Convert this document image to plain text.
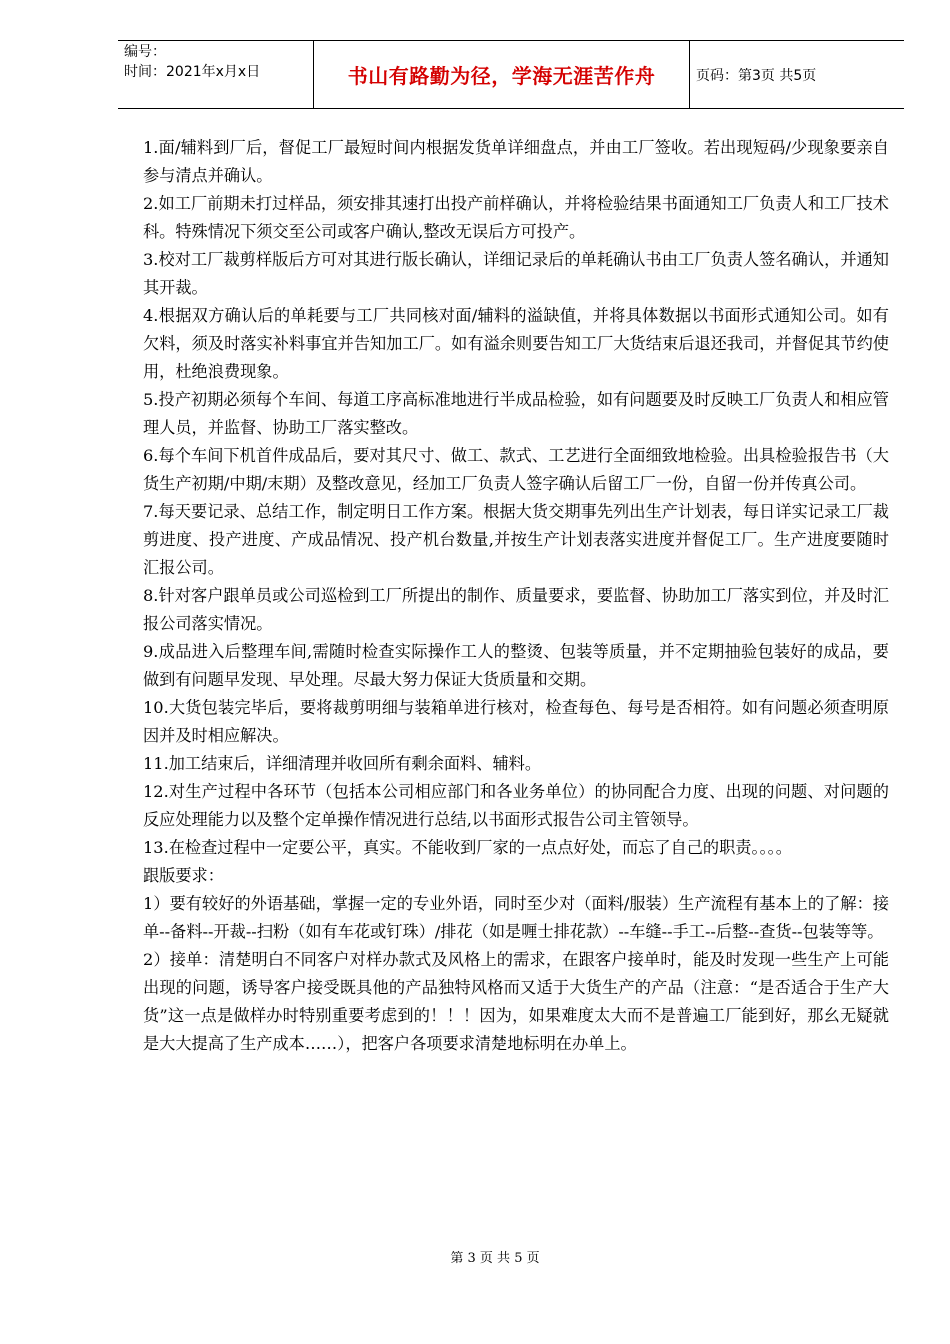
编号：
时间：2021年x月x日	书山有路勤为径，学海无涯苦作舟	页码：第3页 共5页

1.面/辅料到厂后，督促工厂最短时间内根据发货单详细盘点，并由工厂签收。若出现短码/少现象要亲自参与清点并确认。

2.如工厂前期未打过样品，须安排其速打出投产前样确认，并将检验结果书面通知工厂负责人和工厂技术科。特殊情况下须交至公司或客户确认,整改无误后方可投产。

3.校对工厂裁剪样版后方可对其进行版长确认，详细记录后的单耗确认书由工厂负责人签名确认，并通知其开裁。

4.根据双方确认后的单耗要与工厂共同核对面/辅料的溢缺值，并将具体数据以书面形式通知公司。如有欠料，须及时落实补料事宜并告知加工厂。如有溢余则要告知工厂大货结束后退还我司，并督促其节约使用，杜绝浪费现象。

5.投产初期必须每个车间、每道工序高标准地进行半成品检验，如有问题要及时反映工厂负责人和相应管理人员，并监督、协助工厂落实整改。

6.每个车间下机首件成品后，要对其尺寸、做工、款式、工艺进行全面细致地检验。出具检验报告书（大货生产初期/中期/末期）及整改意见，经加工厂负责人签字确认后留工厂一份，自留一份并传真公司。

7.每天要记录、总结工作，制定明日工作方案。根据大货交期事先列出生产计划表，每日详实记录工厂裁剪进度、投产进度、产成品情况、投产机台数量,并按生产计划表落实进度并督促工厂。生产进度要随时汇报公司。

8.针对客户跟单员或公司巡检到工厂所提出的制作、质量要求，要监督、协助加工厂落实到位，并及时汇报公司落实情况。

9.成品进入后整理车间,需随时检查实际操作工人的整烫、包装等质量，并不定期抽验包装好的成品，要做到有问题早发现、早处理。尽最大努力保证大货质量和交期。

10.大货包装完毕后，要将裁剪明细与装箱单进行核对，检查每色、每号是否相符。如有问题必须查明原因并及时相应解决。

11.加工结束后，详细清理并收回所有剩余面料、辅料。

12.对生产过程中各环节（包括本公司相应部门和各业务单位）的协同配合力度、出现的问题、对问题的反应处理能力以及整个定单操作情况进行总结,以书面形式报告公司主管领导。

13.在检查过程中一定要公平，真实。不能收到厂家的一点点好处，而忘了自己的职责。。。。

跟版要求：

1）要有较好的外语基础，掌握一定的专业外语，同时至少对（面料/服装）生产流程有基本上的了解：接单--备料--开裁--扫粉（如有车花或钉珠）/排花（如是喱士排花款）--车缝--手工--后整--查货--包装等等。

2）接单：清楚明白不同客户对样办款式及风格上的需求，在跟客户接单时，能及时发现一些生产上可能出现的问题，诱导客户接受既具他的产品独特风格而又适于大货生产的产品（注意：“是否适合于生产大货”这一点是做样办时特别重要考虑到的！！！因为，如果难度太大而不是普遍工厂能到好，那幺无疑就是大大提高了生产成本……），把客户各项要求清楚地标明在办单上。

第 3 页 共 5 页
